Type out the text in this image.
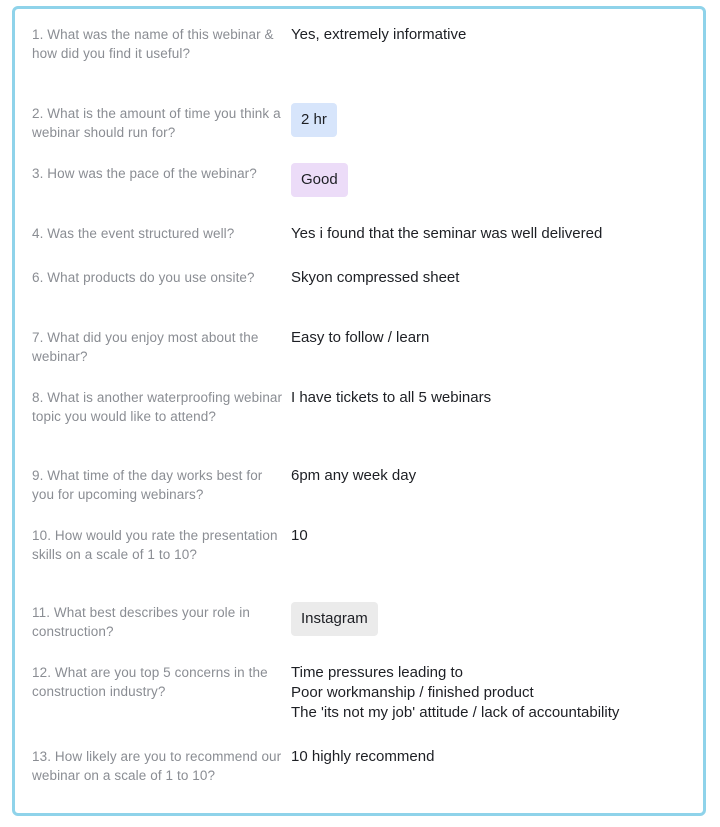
1. What was the name of this webinar & how did you find it useful?
Yes, extremely informative
2. What is the amount of time you think a webinar should run for?
2 hr
3. How was the pace of the webinar?	Good
4. Was the event structured well?	Yes i found that the seminar was well delivered
6. What products do you use onsite?	Skyon compressed sheet
7. What did you enjoy most about the webinar?
Easy to follow / learn
8. What is another waterproofing webinar topic you would like to attend?
I have tickets to all 5 webinars
9. What time of the day works best for you for upcoming webinars?
6pm any week day
10. How would you rate the presentation skills on a scale of 1 to 10?
10
11. What best describes your role in construction?
Instagram
12. What are you top 5 concerns in the construction industry?
Time pressures leading to
Poor workmanship / finished product
The 'its not my job' attitude / lack of accountability
13. How likely are you to recommend our webinar on a scale of 1 to 10?
10 highly recommend
